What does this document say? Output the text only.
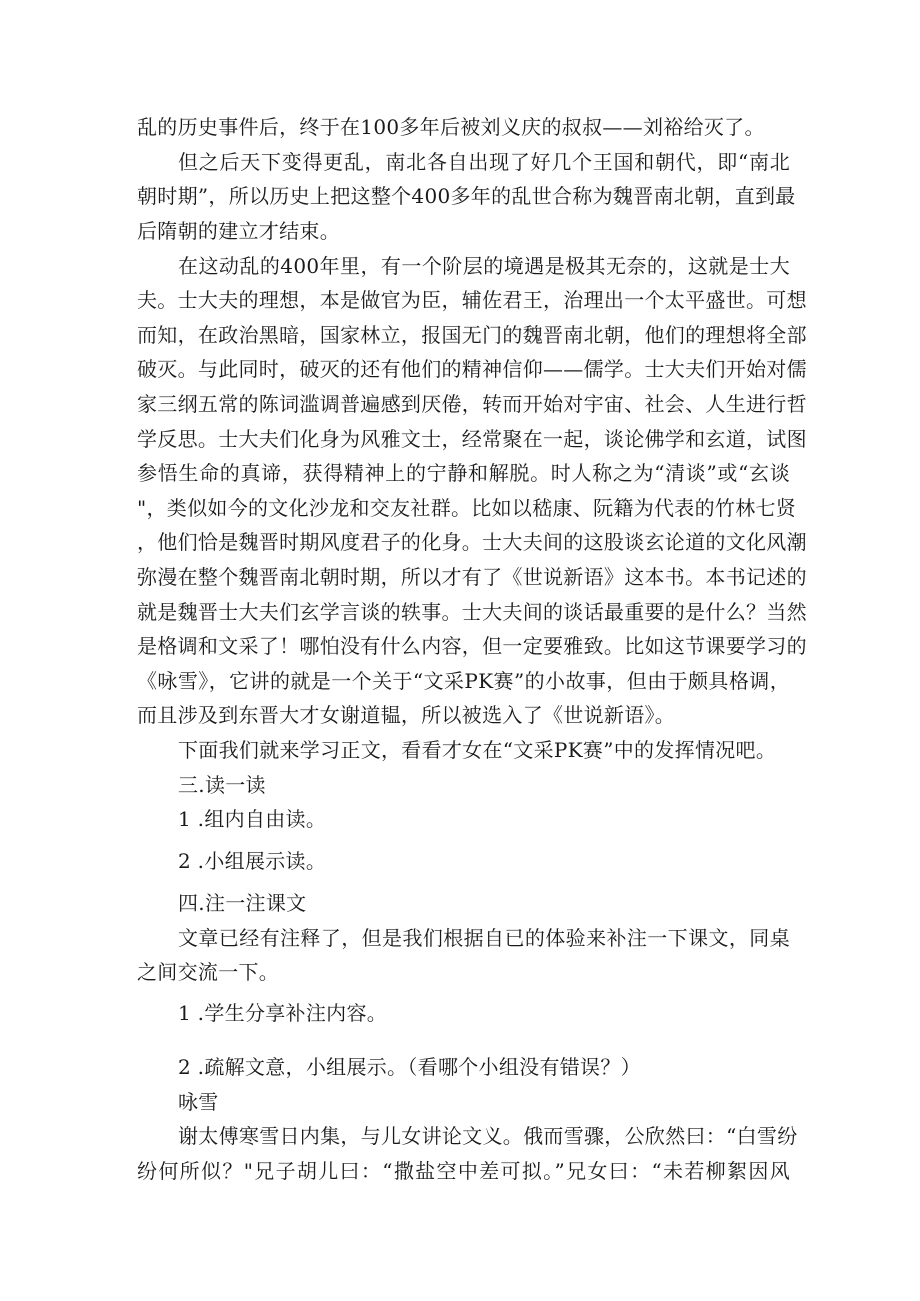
乱的历史事件后，终于在100多年后被刘义庆的叔叔——刘裕给灭了。
但之后天下变得更乱，南北各自出现了好几个王国和朝代，即“南北
朝时期”，所以历史上把这整个400多年的乱世合称为魏晋南北朝，直到最
后隋朝的建立才结束。
在这动乱的400年里，有一个阶层的境遇是极其无奈的，这就是士大
夫。士大夫的理想，本是做官为臣，辅佐君王，治理出一个太平盛世。可想
而知，在政治黑暗，国家林立，报国无门的魏晋南北朝，他们的理想将全部
破灭。与此同时，破灭的还有他们的精神信仰——儒学。士大夫们开始对儒
家三纲五常的陈词滥调普遍感到厌倦，转而开始对宇宙、社会、人生进行哲
学反思。士大夫们化身为风雅文士，经常聚在一起，谈论佛学和玄道，试图
参悟生命的真谛，获得精神上的宁静和解脱。时人称之为“清谈”或“玄谈
"，类似如今的文化沙龙和交友社群。比如以嵇康、阮籍为代表的竹林七贤
，他们恰是魏晋时期风度君子的化身。士大夫间的这股谈玄论道的文化风潮
弥漫在整个魏晋南北朝时期，所以才有了《世说新语》这本书。本书记述的
就是魏晋士大夫们玄学言谈的轶事。士大夫间的谈话最重要的是什么？当然
是格调和文采了！哪怕没有什么内容，但一定要雅致。比如这节课要学习的
《咏雪》，它讲的就是一个关于“文采PK赛”的小故事，但由于颇具格调，
而且涉及到东晋大才女谢道韫，所以被选入了《世说新语》。
下面我们就来学习正文，看看才女在“文采PK赛”中的发挥情况吧。
三.读一读
1 .组内自由读。
2 .小组展示读。
四.注一注课文
文章已经有注释了，但是我们根据自已的体验来补注一下课文，同桌
之间交流一下。
1 .学生分享补注内容。
2 .疏解文意，小组展示。（看哪个小组没有错误？）
咏雪
谢太傅寒雪日内集，与儿女讲论文义。俄而雪骤，公欣然曰：“白雪纷
纷何所似？"兄子胡儿曰：“撒盐空中差可拟。”兄女曰：“未若柳絮因风
